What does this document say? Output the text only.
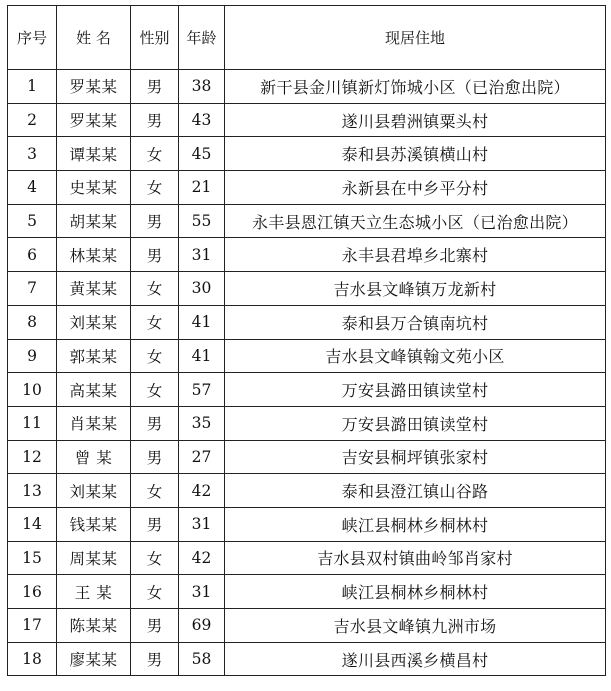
序号	姓 名	性别	年龄	现居住地
1	罗某某	男	38	新干县金川镇新灯饰城小区（已治愈出院）
2	罗某某	男	43	遂川县碧洲镇粟头村
3	谭某某	女	45	泰和县苏溪镇横山村
4	史某某	女	21	永新县在中乡平分村
5	胡某某	男	55	永丰县恩江镇天立生态城小区（已治愈出院）
6	林某某	男	31	永丰县君埠乡北寨村
7	黄某某	女	30	吉水县文峰镇万龙新村
8	刘某某	女	41	泰和县万合镇南坑村
9	郭某某	女	41	吉水县文峰镇翰文苑小区
10	高某某	女	57	万安县潞田镇读堂村
11	肖某某	男	35	万安县潞田镇读堂村
12	曾 某	男	27	吉安县桐坪镇张家村
13	刘某某	女	42	泰和县澄江镇山谷路
14	钱某某	男	31	峡江县桐林乡桐林村
15	周某某	女	42	吉水县双村镇曲岭邹肖家村
16	王 某	女	31	峡江县桐林乡桐林村
17	陈某某	男	69	吉水县文峰镇九洲市场
18	廖某某	男	58	遂川县西溪乡横昌村
